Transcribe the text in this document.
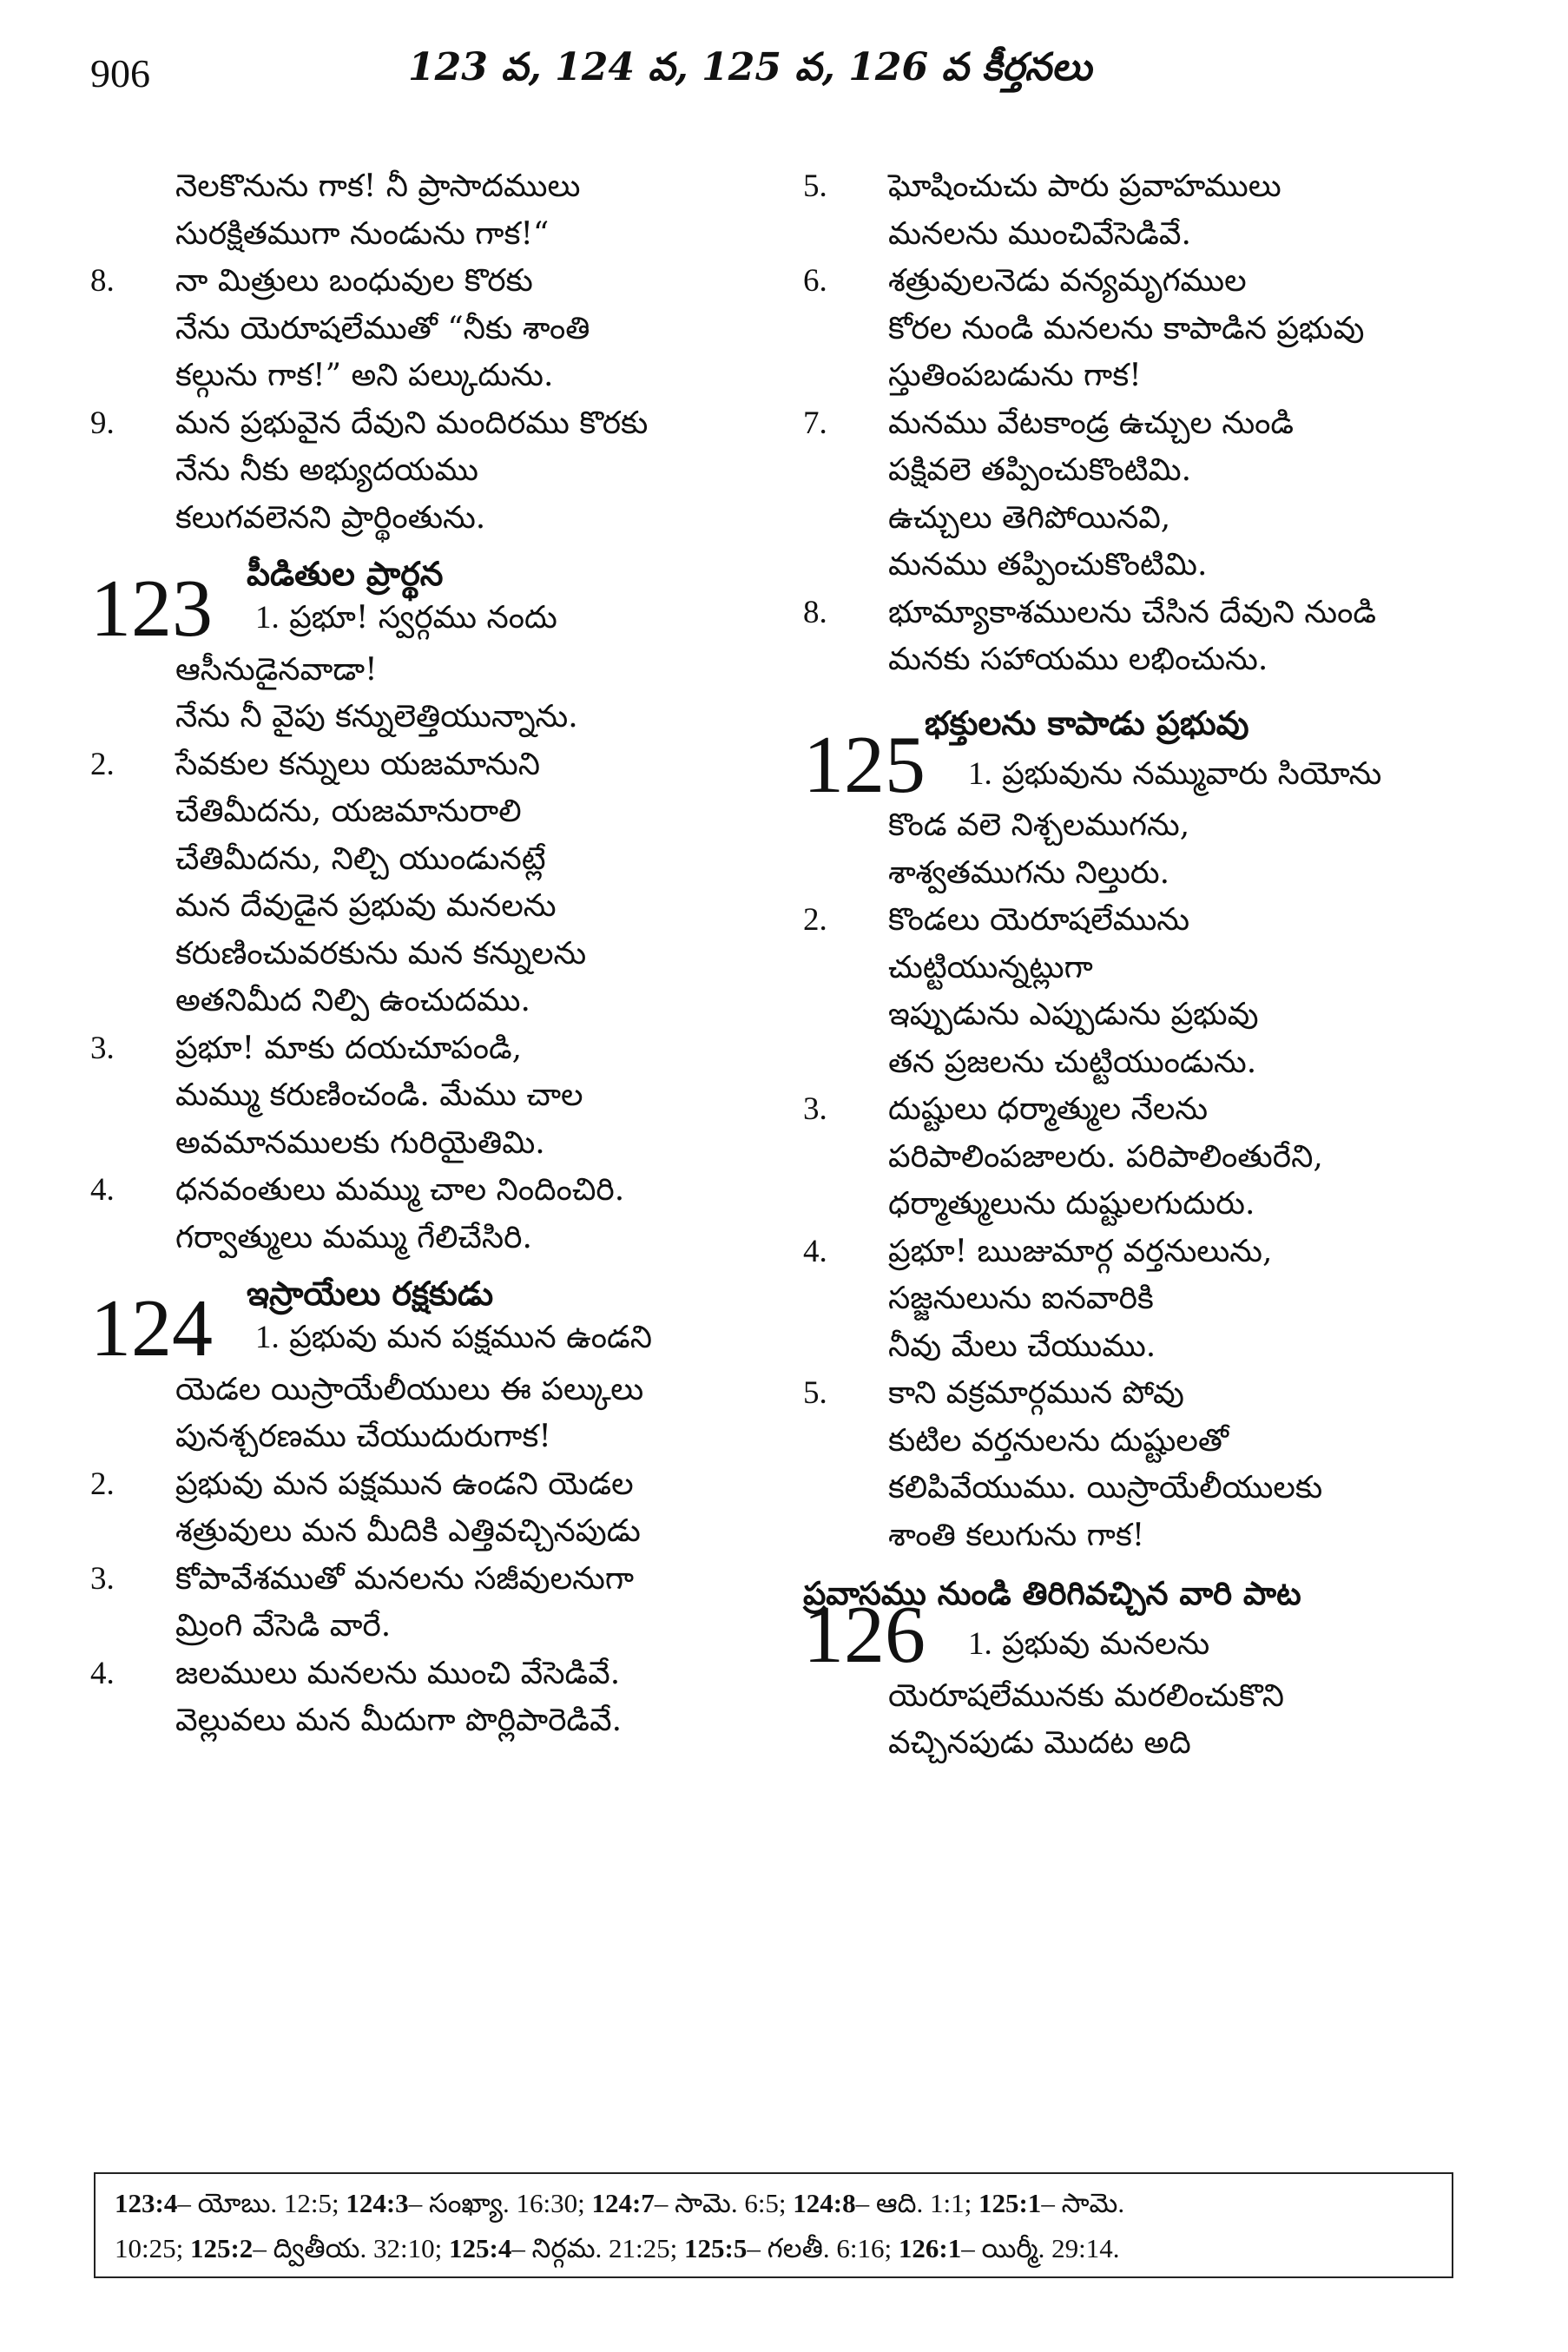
906	123 వ, 124 వ, 125 వ, 126 వ కీర్తనలు
నెలకొనును గాక! నీ ప్రాసాదములు
సురక్షితముగా నుండును గాక!“
8.	నా మిత్రులు బంధువుల కొరకు
నేను యెరూషలేముతో “నీకు శాంతి
కల్గును గాక!” అని పల్కుదును.
9.	మన ప్రభువైన దేవుని మందిరము కొరకు
నేను నీకు అభ్యుదయము
కలుగవలెనని ప్రార్థింతును.
పీడితుల ప్రార్థన
123 1. ప్రభూ! స్వర్గము నందు
ఆసీనుడైనవాడా!
నేను నీ వైపు కన్నులెత్తియున్నాను.
2.	సేవకుల కన్నులు యజమానుని
చేతిమీదను, యజమానురాలి
చేతిమీదను, నిల్చి యుండునట్లే
మన దేవుడైన ప్రభువు మనలను
కరుణించువరకును మన కన్నులను
అతనిమీద నిల్పి ఉంచుదము.
3.	ప్రభూ! మాకు దయచూపండి,
మమ్ము కరుణించండి. మేము చాల
అవమానములకు గురియైతిమి.
4.	ధనవంతులు మమ్ము చాల నిందించిరి.
గర్వాత్ములు మమ్ము గేలిచేసిరి.
ఇస్రాయేలు రక్షకుడు
124 1. ప్రభువు మన పక్షమున ఉండని
యెడల యిస్రాయేలీయులు ఈ పల్కులు
పునశ్చరణము చేయుదురుగాక!
2.	ప్రభువు మన పక్షమున ఉండని యెడల
శత్రువులు మన మీదికి ఎత్తివచ్చినపుడు
3.	కోపావేశముతో మనలను సజీవులనుగా
మ్రింగి వేసెడి వారే.
4.	జలములు మనలను ముంచి వేసెడివే.
వెల్లువలు మన మీదుగా పొర్లిపారెడివే.
5.	ఘోషించుచు పారు ప్రవాహములు
మనలను ముంచివేసెడివే.
6.	శత్రువులనెడు వన్యమృగముల
కోరల నుండి మనలను కాపాడిన ప్రభువు
స్తుతింపబడును గాక!
7.	మనము వేటకాండ్ర ఉచ్చుల నుండి
పక్షివలె తప్పించుకొంటిమి.
ఉచ్చులు తెగిపోయినవి,
మనము తప్పించుకొంటిమి.
8.	భూమ్యాకాశములను చేసిన దేవుని నుండి
మనకు సహాయము లభించును.
భక్తులను కాపాడు ప్రభువు
125 1. ప్రభువును నమ్మువారు సియోను
కొండ వలె నిశ్చలముగను,
శాశ్వతముగను నిల్తురు.
2.	కొండలు యెరూషలేమును
చుట్టియున్నట్లుగా
ఇప్పుడును ఎప్పుడును ప్రభువు
తన ప్రజలను చుట్టియుండును.
3.	దుష్టులు ధర్మాత్ముల నేలను
పరిపాలింపజాలరు. పరిపాలింతురేని,
ధర్మాత్ములును దుష్టులగుదురు.
4.	ప్రభూ! ఋజుమార్గ వర్తనులును,
సజ్జనులును ఐనవారికి
నీవు మేలు చేయుము.
5.	కాని వక్రమార్గమున పోవు
కుటిల వర్తనులను దుష్టులతో
కలిపివేయుము. యిస్రాయేలీయులకు
శాంతి కలుగును గాక!
ప్రవాసము నుండి తిరిగివచ్చిన వారి పాట
126 1. ప్రభువు మనలను
యెరూషలేమునకు మరలించుకొని
వచ్చినపుడు మొదట అది
123:4– యోబు. 12:5; 124:3– సంఖ్యా. 16:30; 124:7– సామె. 6:5; 124:8– ఆది. 1:1; 125:1– సామె.
10:25; 125:2– ద్వితీయ. 32:10; 125:4– నిర్గమ. 21:25; 125:5– గలతీ. 6:16; 126:1– యిర్మీ. 29:14.
